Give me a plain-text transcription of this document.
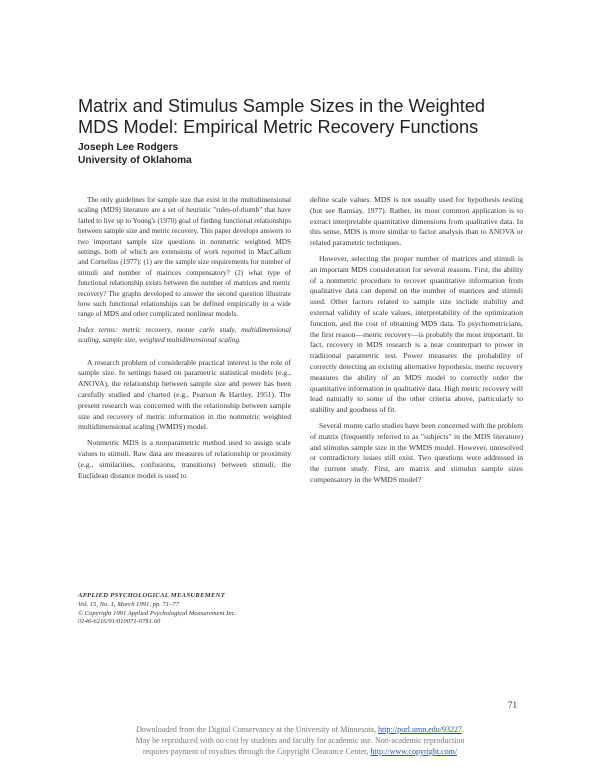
Matrix and Stimulus Sample Sizes in the Weighted
MDS Model: Empirical Metric Recovery Functions
Joseph Lee Rodgers
University of Oklahoma

The only guidelines for sample size that exist in the multidimensional scaling (MDS) literature are a set of heuristic "rules-of-thumb" that have failed to live up to Young's (1970) goal of finding functional relationships between sample size and metric recovery. This paper develops answers to two important sample size questions in nonmetric weighted MDS settings, both of which are extensions of work reported in MacCallum and Cornelius (1977): (1) are the sample size requirements for number of stimuli and number of matrices compensatory? (2) what type of functional relationship exists between the number of matrices and metric recovery? The graphs developed to answer the second question illustrate how such functional relationships can be defined empirically in a wide range of MDS and other complicated nonlinear models.

Index terms: metric recovery, monte carlo study, multidimensional scaling, sample size, weighted multidimensional scaling.

A research problem of considerable practical interest is the role of sample size. In settings based on parametric statistical models (e.g., ANOVA), the relationship between sample size and power has been carefully studied and charted (e.g., Pearson & Hartley, 1951). The present research was concerned with the relationship between sample size and recovery of metric information in the nonmetric weighted multidimensional scaling (WMDS) model.

Nonmetric MDS is a nonparametric method used to assign scale values to stimuli. Raw data are measures of relationship or proximity (e.g., similarities, confusions, transitions) between stimuli; the Euclidean distance model is used to

define scale values. MDS is not usually used for hypothesis testing (but see Ramsay, 1977). Rather, its most common application is to extract interpretable quantitative dimensions from qualitative data. In this sense, MDS is more similar to factor analysis than to ANOVA or related parametric techniques.

However, selecting the proper number of matrices and stimuli is an important MDS consideration for several reasons. First, the ability of a nonmetric procedure to recover quantitative information from qualitative data can depend on the number of matrices and stimuli used. Other factors related to sample size include stability and external validity of scale values, interpretability of the optimization function, and the cost of obtaining MDS data. To psychometricians, the first reason—metric recovery—is probably the most important. In fact, recovery in MDS research is a near counterpart to power in traditional parametric test. Power measures the probability of correctly detecting an existing alternative hypothesis; metric recovery measures the ability of an MDS model to correctly order the quantitative information in qualitative data. High metric recovery will lead naturally to some of the other criteria above, particularly to stability and goodness of fit.

Several monte carlo studies have been concerned with the problem of matrix (frequently referred to as "subjects" in the MDS literature) and stimulus sample size in the WMDS model. However, unresolved or contradictory issues still exist. Two questions were addressed in the current study. First, are matrix and stimulus sample sizes compensatory in the WMDS model?

APPLIED PSYCHOLOGICAL MEASUREMENT
Vol. 15, No. 1, March 1991, pp. 71–77
© Copyright 1991 Applied Psychological Measurement Inc.
0146-6216/91/010071-07$1.60
71
Downloaded from the Digital Conservancy at the University of Minnesota, http://purl.umn.edu/93227.
May be reproduced with no cost by students and faculty for academic use. Non-academic reproduction
requires payment of royalties through the Copyright Clearance Center, http://www.copyright.com/
